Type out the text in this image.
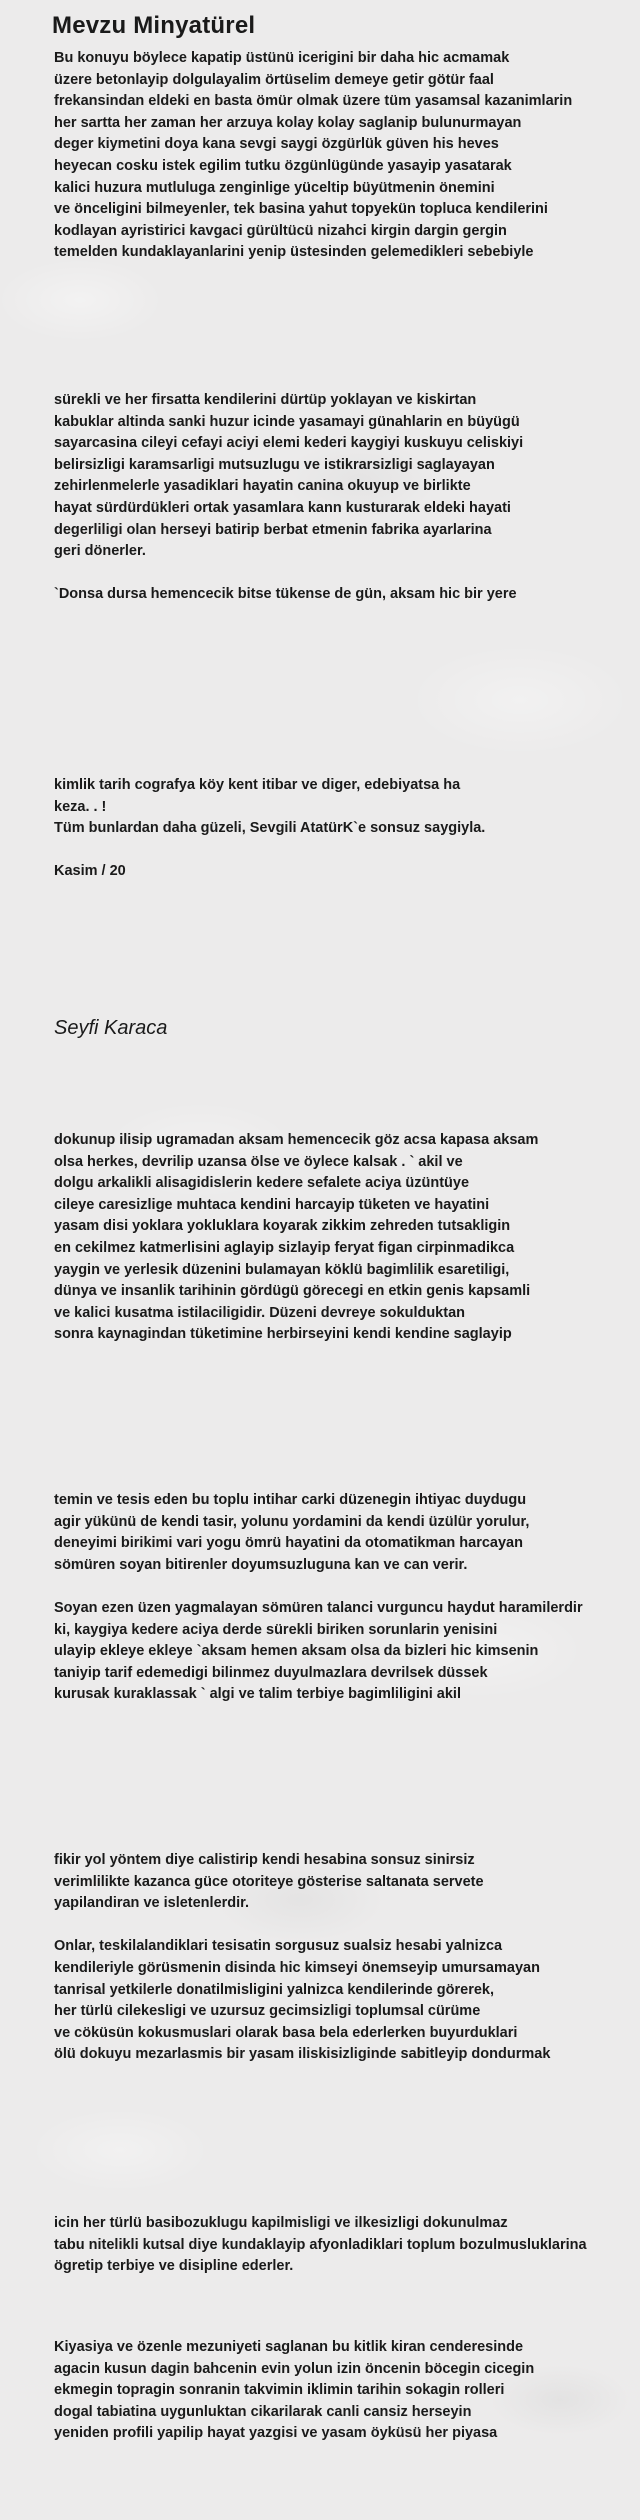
Mevzu Minyatürel
Bu konuyu böylece kapatip üstünü icerigini bir daha hic acmamak
üzere betonlayip dolgulayalim örtüselim demeye getir götür faal
frekansindan eldeki en basta ömür olmak üzere tüm yasamsal kazanimlarin
her sartta her zaman her arzuya kolay kolay saglanip bulunurmayan
deger kiymetini doya kana sevgi saygi özgürlük güven his heves
heyecan cosku istek egilim tutku özgünlügünde yasayip yasatarak
kalici huzura mutluluga zenginlige yüceltip büyütmenin önemini
ve önceligini bilmeyenler, tek basina yahut topyekün topluca kendilerini
kodlayan ayristirici kavgaci gürültücü nizahci kirgin dargin gergin
temelden kundaklayanlarini yenip üstesinden gelemedikleri sebebiyle
sürekli ve her firsatta kendilerini dürtüp yoklayan ve kiskirtan
kabuklar altinda sanki huzur icinde yasamayi günahlarin en büyügü
sayarcasina cileyi cefayi aciyi elemi kederi kaygiyi kuskuyu celiskiyi
belirsizligi karamsarligi mutsuzlugu ve istikrarsizligi saglayayan
zehirlenmelerle yasadiklari hayatin canina okuyup ve birlikte
hayat sürdürdükleri ortak yasamlara kann kusturarak eldeki hayati
degerliligi olan herseyi batirip berbat etmenin fabrika ayarlarina
geri dönerler.
`Donsa dursa hemencecik bitse tükense de gün, aksam hic bir yere
kimlik tarih cografya köy kent itibar ve diger, edebiyatsa ha
keza. . !
Tüm bunlardan daha güzeli, Sevgili AtatürK`e sonsuz saygiyla.
Kasim / 20
Seyfi Karaca
dokunup ilisip ugramadan aksam hemencecik göz acsa kapasa aksam
olsa herkes, devrilip uzansa ölse ve öylece kalsak . ` akil ve
dolgu arkalikli alisagidislerin kedere sefalete aciya üzüntüye
cileye caresizlige muhtaca kendini harcayip tüketen ve hayatini
yasam disi yoklara yokluklara koyarak zikkim zehreden tutsakligin
en cekilmez katmerlisini aglayip sizlayip feryat figan cirpinmadikca
yaygin ve yerlesik düzenini bulamayan köklü bagimlilik esaretiligi,
dünya ve insanlik tarihinin gördügü görecegi en etkin genis kapsamli
ve kalici kusatma istilaciligidir. Düzeni devreye sokulduktan
sonra kaynagindan tüketimine herbirseyini kendi kendine saglayip
temin ve tesis eden bu toplu intihar carki düzenegin ihtiyac duydugu
agir yükünü de kendi tasir, yolunu yordamini da kendi üzülür yorulur,
deneyimi birikimi vari yogu ömrü hayatini da otomatikman harcayan
sömüren soyan bitirenler doyumsuzluguna kan ve can verir.
Soyan ezen üzen yagmalayan sömüren talanci vurguncu haydut haramilerdir
ki, kaygiya kedere aciya derde sürekli biriken sorunlarin yenisini
ulayip ekleye ekleye `aksam hemen aksam olsa da bizleri hic kimsenin
taniyip tarif edemedigi bilinmez duyulmazlara devrilsek düssek
kurusak kuraklassak ` algi ve talim terbiye bagimliligini akil
fikir yol yöntem diye calistirip kendi hesabina sonsuz sinirsiz
verimlilikte kazanca güce otoriteye gösterise saltanata servete
yapilandiran ve isletenlerdir.
Onlar, teskilalandiklari tesisatin sorgusuz sualsiz hesabi yalnizca
kendileriyle görüsmenin disinda hic kimseyi önemseyip umursamayan
tanrisal yetkilerle donatilmisligini yalnizca kendilerinde görerek,
her türlü cilekesligi ve uzursuz gecimsizligi toplumsal cürüme
ve cöküsün kokusmuslari olarak basa bela ederlerken buyurduklari
ölü dokuyu mezarlasmis bir yasam iliskisizliginde sabitleyip dondurmak
icin her türlü basibozuklugu kapilmisligi ve ilkesizligi dokunulmaz
tabu nitelikli kutsal diye kundaklayip afyonladiklari toplum bozulmusluklarina
ögretip terbiye ve disipline ederler.
Kiyasiya ve özenle mezuniyeti saglanan bu kitlik kiran cenderesinde
agacin kusun dagin bahcenin evin yolun izin öncenin böcegin cicegin
ekmegin topragin sonranin takvimin iklimin tarihin sokagin rolleri
dogal tabiatina uygunluktan cikarilarak canli cansiz herseyin
yeniden profili yapilip hayat yazgisi ve yasam öyküsü her piyasa
